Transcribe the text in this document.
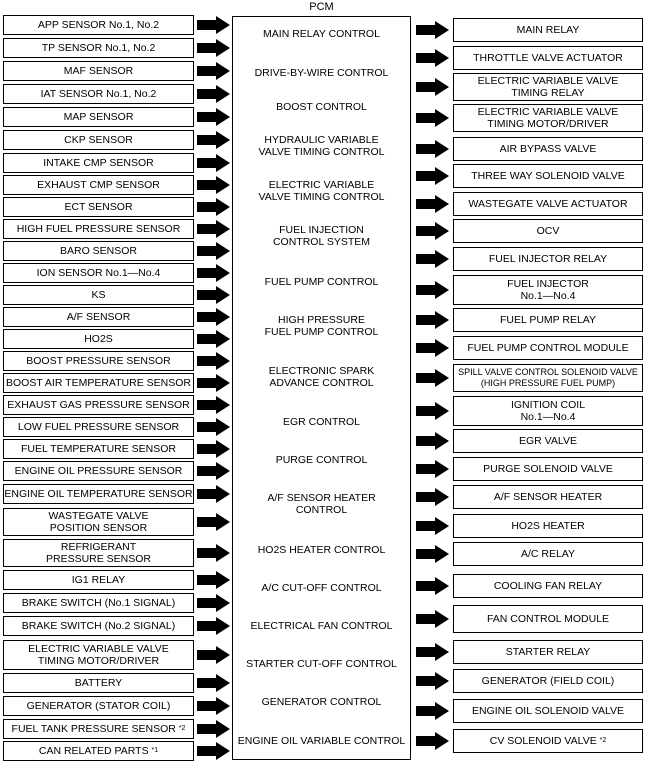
PCM
MAIN RELAY CONTROL
DRIVE-BY-WIRE CONTROL
BOOST CONTROL
HYDRAULIC VARIABLE
VALVE TIMING CONTROL
ELECTRIC VARIABLE
VALVE TIMING CONTROL
FUEL INJECTION
CONTROL SYSTEM
FUEL PUMP CONTROL
HIGH PRESSURE
FUEL PUMP CONTROL
ELECTRONIC SPARK
ADVANCE CONTROL
EGR CONTROL
PURGE CONTROL
A/F SENSOR HEATER
CONTROL
HO2S HEATER CONTROL
A/C CUT-OFF CONTROL
ELECTRICAL FAN CONTROL
STARTER CUT-OFF CONTROL
GENERATOR CONTROL
ENGINE OIL VARIABLE CONTROL
APP SENSOR No.1, No.2
TP SENSOR No.1, No.2
MAF SENSOR
IAT SENSOR No.1, No.2
MAP SENSOR
CKP SENSOR
INTAKE CMP SENSOR
EXHAUST CMP SENSOR
ECT SENSOR
HIGH FUEL PRESSURE SENSOR
BARO SENSOR
ION SENSOR No.1—No.4
KS
A/F SENSOR
HO2S
BOOST PRESSURE SENSOR
BOOST AIR TEMPERATURE SENSOR
EXHAUST GAS PRESSURE SENSOR
LOW FUEL PRESSURE SENSOR
FUEL TEMPERATURE SENSOR
ENGINE OIL PRESSURE SENSOR
ENGINE OIL TEMPERATURE SENSOR
WASTEGATE VALVE
POSITION SENSOR
REFRIGERANT
PRESSURE SENSOR
IG1 RELAY
BRAKE SWITCH (No.1 SIGNAL)
BRAKE SWITCH (No.2 SIGNAL)
ELECTRIC VARIABLE VALVE
TIMING MOTOR/DRIVER
BATTERY
GENERATOR (STATOR COIL)
FUEL TANK PRESSURE SENSOR
*2
CAN RELATED PARTS
*1
MAIN RELAY
THROTTLE VALVE ACTUATOR
ELECTRIC VARIABLE VALVE
TIMING RELAY
ELECTRIC VARIABLE VALVE
TIMING MOTOR/DRIVER
AIR BYPASS VALVE
THREE WAY SOLENOID VALVE
WASTEGATE VALVE ACTUATOR
OCV
FUEL INJECTOR RELAY
FUEL INJECTOR
No.1—No.4
FUEL PUMP RELAY
FUEL PUMP CONTROL MODULE
SPILL VALVE CONTROL SOLENOID VALVE
(HIGH PRESSURE FUEL PUMP)
IGNITION COIL
No.1—No.4
EGR VALVE
PURGE SOLENOID VALVE
A/F SENSOR HEATER
HO2S HEATER
A/C RELAY
COOLING FAN RELAY
FAN CONTROL MODULE
STARTER RELAY
GENERATOR (FIELD COIL)
ENGINE OIL SOLENOID VALVE
CV SOLENOID VALVE
*2
